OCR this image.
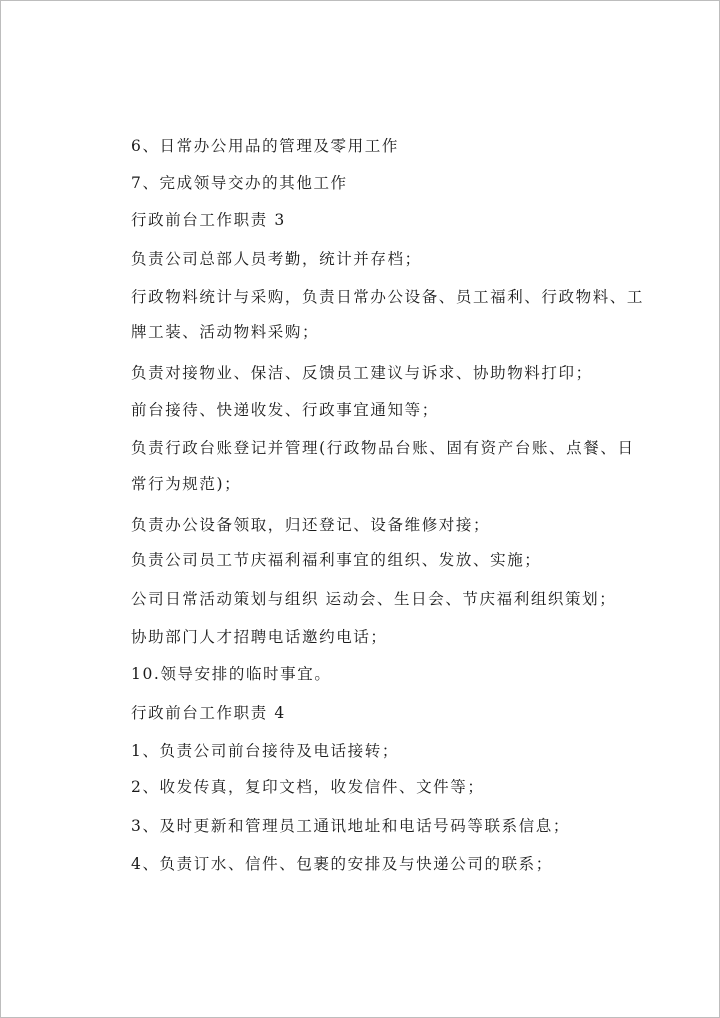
6、日常办公用品的管理及零用工作
7、完成领导交办的其他工作
行政前台工作职责 3
负责公司总部人员考勤，统计并存档；
行政物料统计与采购，负责日常办公设备、员工福利、行政物料、工
牌工装、活动物料采购；
负责对接物业、保洁、反馈员工建议与诉求、协助物料打印；
前台接待、快递收发、行政事宜通知等；
负责行政台账登记并管理(行政物品台账、固有资产台账、点餐、日
常行为规范)；
负责办公设备领取，归还登记、设备维修对接；
负责公司员工节庆福利福利事宜的组织、发放、实施；
公司日常活动策划与组织 运动会、生日会、节庆福利组织策划；
协助部门人才招聘电话邀约电话；
10.领导安排的临时事宜。
行政前台工作职责 4
1、负责公司前台接待及电话接转；
2、收发传真，复印文档，收发信件、文件等；
3、及时更新和管理员工通讯地址和电话号码等联系信息；
4、负责订水、信件、包裹的安排及与快递公司的联系；
